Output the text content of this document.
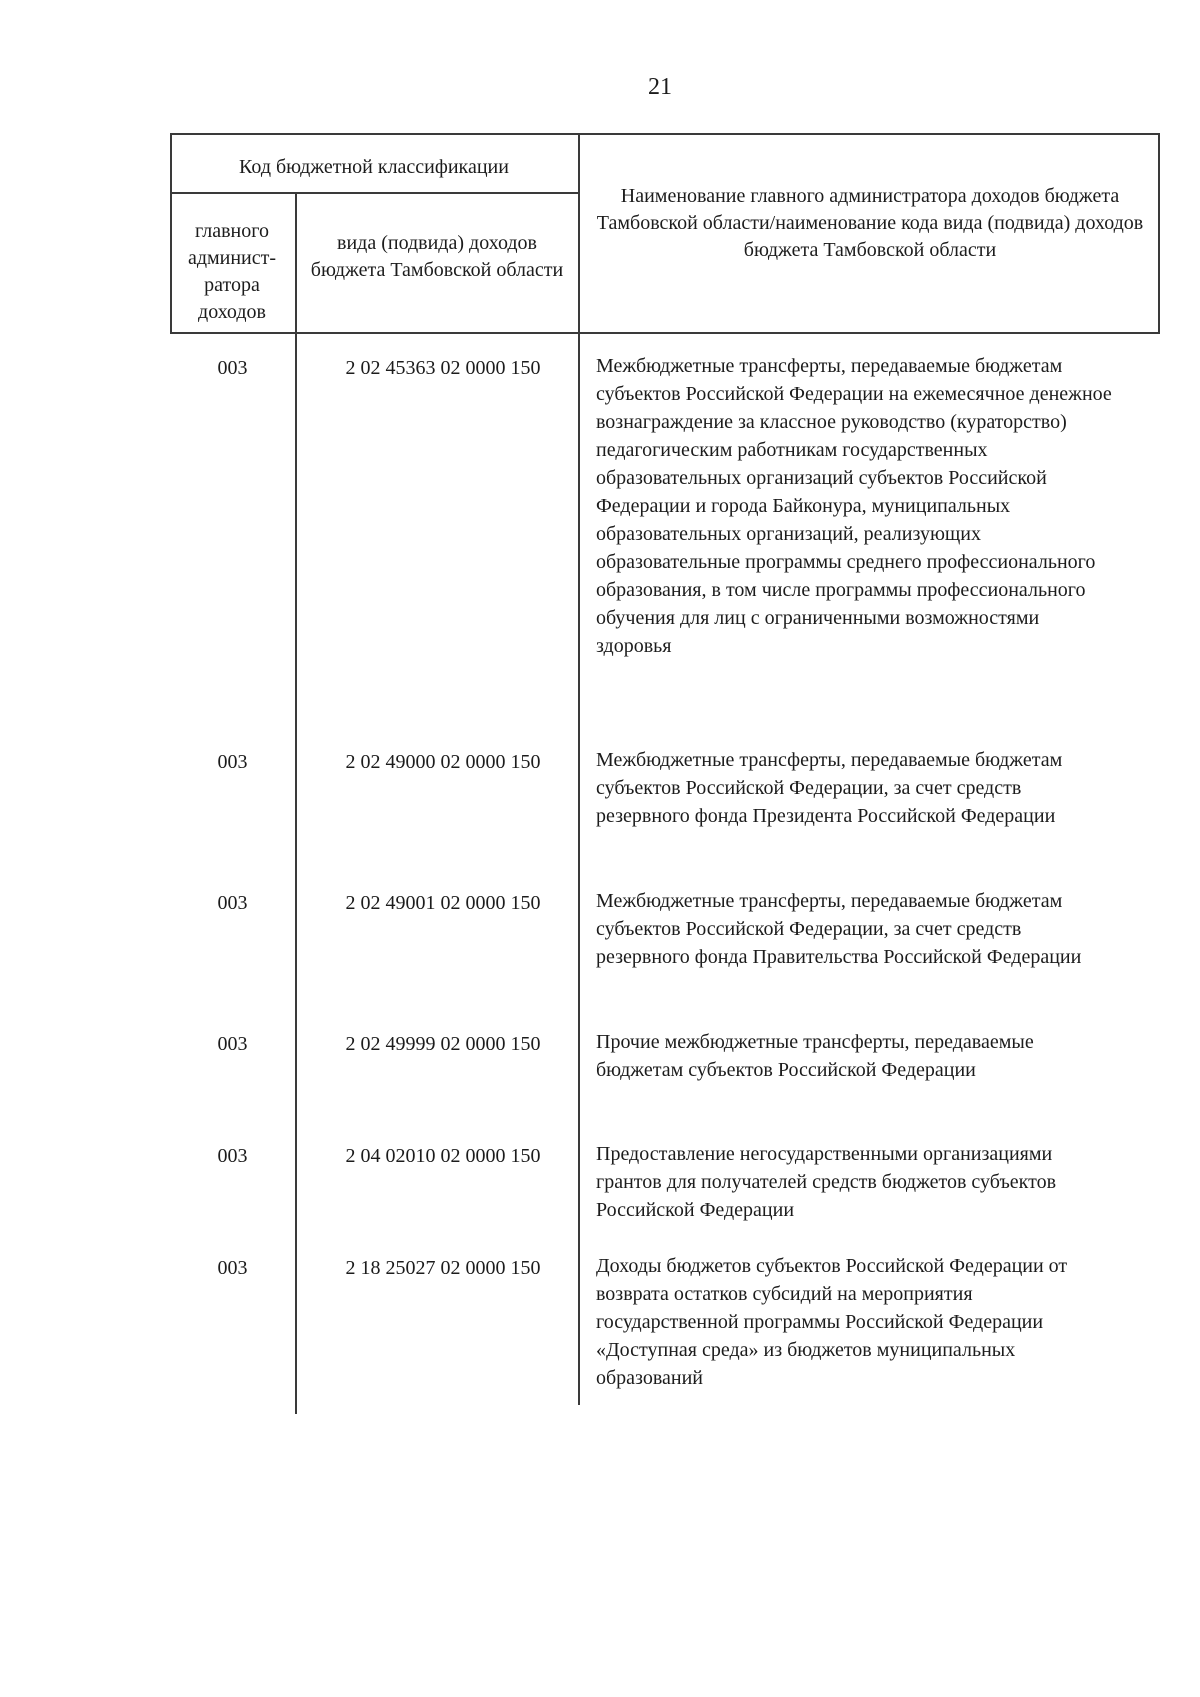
21
Код бюджетной классификации
главного админист-ратора доходов
вида (подвида) доходов бюджета Тамбовской области
Наименование главного администратора доходов бюджета Тамбовской области/наименование кода вида (подвида) доходов бюджета Тамбовской области
003	2 02 45363 02 0000 150	Межбюджетные трансферты, передаваемые бюджетам субъектов Российской Федерации на ежемесячное денежное вознаграждение за классное руководство (кураторство) педагогическим работникам государственных образовательных организаций субъектов Российской Федерации и города Байконура, муниципальных образовательных организаций, реализующих образовательные программы среднего профессионального образования, в том числе программы профессионального обучения для лиц с ограниченными возможностями здоровья
003	2 02 49000 02 0000 150	Межбюджетные трансферты, передаваемые бюджетам субъектов Российской Федерации, за счет средств резервного фонда Президента Российской Федерации
003	2 02 49001 02 0000 150	Межбюджетные трансферты, передаваемые бюджетам субъектов Российской Федерации, за счет средств резервного фонда Правительства Российской Федерации
003	2 02 49999 02 0000 150	Прочие межбюджетные трансферты, передаваемые бюджетам субъектов Российской Федерации
003	2 04 02010 02 0000 150	Предоставление негосударственными организациями грантов для получателей средств бюджетов субъектов Российской Федерации
003	2 18 25027 02 0000 150	Доходы бюджетов субъектов Российской Федерации от возврата остатков субсидий на мероприятия государственной программы Российской Федерации «Доступная среда» из бюджетов муниципальных образований
